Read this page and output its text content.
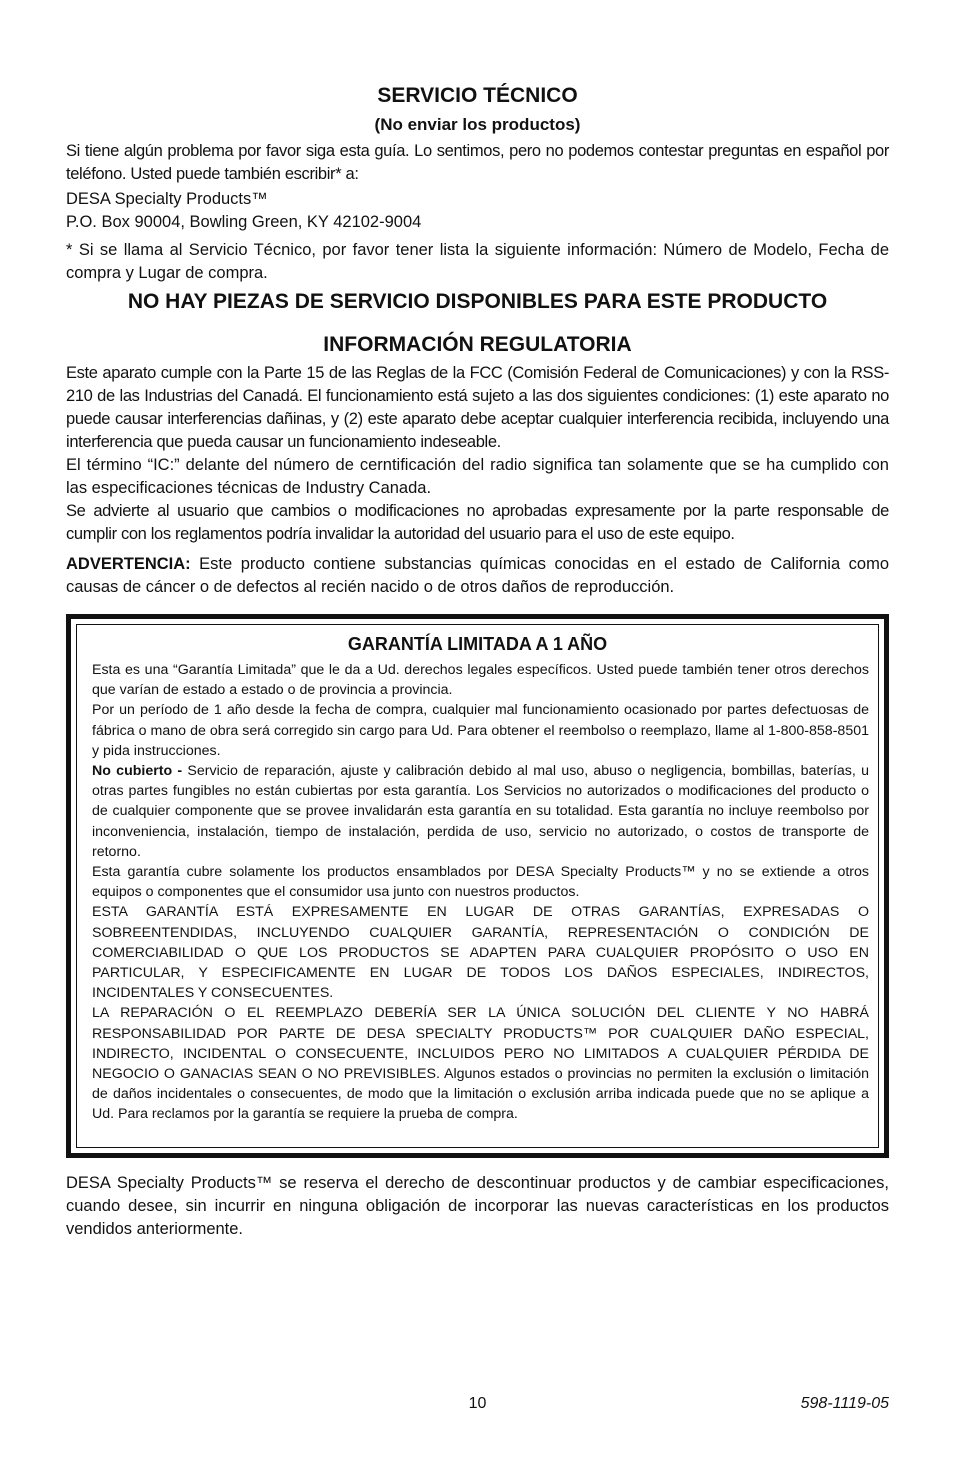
SERVICIO TÉCNICO
(No enviar los productos)

Si tiene algún problema por favor siga esta guía. Lo sentimos, pero no podemos contestar preguntas en español por teléfono. Usted puede también escribir* a:

DESA Specialty Products™
P.O. Box 90004, Bowling Green, KY 42102-9004

* Si se llama al Servicio Técnico, por favor tener lista la siguiente información: Número de Modelo, Fecha de compra y Lugar de compra.

NO HAY PIEZAS DE SERVICIO DISPONIBLES PARA ESTE PRODUCTO
INFORMACIÓN REGULATORIA

Este aparato cumple con la Parte 15 de las Reglas de la FCC (Comisión Federal de Comunicaciones) y con la RSS-210 de las Industrias del Canadá. El funcionamiento está sujeto a las dos siguientes condiciones: (1) este aparato no puede causar interferencias dañinas, y (2) este aparato debe aceptar cualquier interferencia recibida, incluyendo una interferencia que pueda causar un funcionamiento indeseable.

El término “IC:” delante del número de cerntificación del radio significa tan solamente que se ha cumplido con las especificaciones técnicas de Industry Canada.

Se advierte al usuario que cambios o modificaciones no aprobadas expresamente por la parte responsable de cumplir con los reglamentos podría invalidar la autoridad del usuario para el uso de este equipo.

ADVERTENCIA: Este producto contiene substancias químicas conocidas en el estado de California como causas de cáncer o de defectos al recién nacido o de otros daños de reproducción.

GARANTÍA LIMITADA A 1 AÑO

Esta es una “Garantía Limitada” que le da a Ud. derechos legales específicos. Usted puede también tener otros derechos que varían de estado a estado o de provincia a provincia.

Por un período de 1 año desde la fecha de compra, cualquier mal funcionamiento ocasionado por partes defectuosas de fábrica o mano de obra será corregido sin cargo para Ud. Para obtener el reembolso o reemplazo, llame al 1-800-858-8501 y pida instrucciones.

No cubierto - Servicio de reparación, ajuste y calibración debido al mal uso, abuso o negligencia, bombillas, baterías, u otras partes fungibles no están cubiertas por esta garantía. Los Servicios no autorizados o modificaciones del producto o de cualquier componente que se provee invalidarán esta garantía en su totalidad. Esta garantía no incluye reembolso por inconveniencia, instalación, tiempo de instalación, perdida de uso, servicio no autorizado, o costos de transporte de retorno.

Esta garantía cubre solamente los productos ensamblados por DESA Specialty Products™ y no se extiende a otros equipos o componentes que el consumidor usa junto con nuestros productos.

ESTA GARANTÍA ESTÁ EXPRESAMENTE EN LUGAR DE OTRAS GARANTÍAS, EXPRESADAS O SOBREENTENDIDAS, INCLUYENDO CUALQUIER GARANTÍA, REPRESENTACIÓN O CONDICIÓN DE COMERCIABILIDAD O QUE LOS PRODUCTOS SE ADAPTEN PARA CUALQUIER PROPÓSITO O USO EN PARTICULAR, Y ESPECIFICAMENTE EN LUGAR DE TODOS LOS DAÑOS ESPECIALES, INDIRECTOS, INCIDENTALES Y CONSECUENTES.

LA REPARACIÓN O EL REEMPLAZO DEBERÍA SER LA ÚNICA SOLUCIÓN DEL CLIENTE Y NO HABRÁ RESPONSABILIDAD POR PARTE DE DESA SPECIALTY PRODUCTS™ POR CUALQUIER DAÑO ESPECIAL, INDIRECTO, INCIDENTAL O CONSECUENTE, INCLUIDOS PERO NO LIMITADOS A CUALQUIER PÉRDIDA DE NEGOCIO O GANACIAS SEAN O NO PREVISIBLES. Algunos estados o provincias no permiten la exclusión o limitación de daños incidentales o consecuentes, de modo que la limitación o exclusión arriba indicada puede que no se aplique a Ud. Para reclamos por la garantía se requiere la prueba de compra.

DESA Specialty Products™ se reserva el derecho de descontinuar productos y de cambiar especificaciones, cuando desee, sin incurrir en ninguna obligación de incorporar las nuevas características en los productos vendidos anteriormente.

10	598-1119-05
